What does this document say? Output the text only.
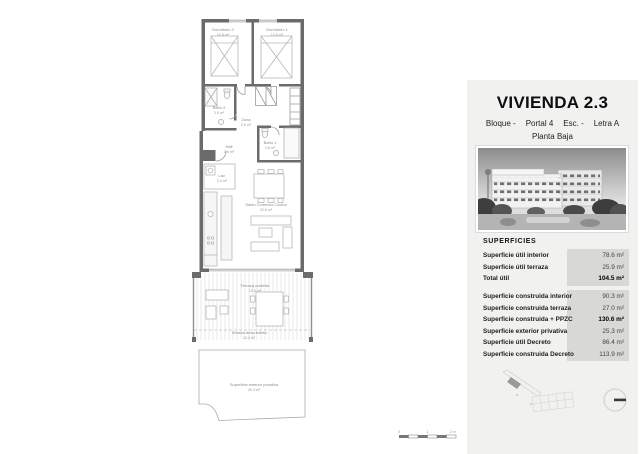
Dormitorio 2
10.8 m²
Dormitorio 1
12.6 m²
Baño 2
3.6 m²
Zona
2.6 m²
Baño 1
3.8 m²
Hall
3.6 m²
Lav.
2.4 m²
Salón Comedor Cocina
32.6 m²
Terraza cubierta
13.5 m²
Terraza descubierta
12.4 m²
Superficie exterior privativa
25.3 m²
0	1	2 m
VIVIENDA 2.3
Bloque - Portal 4 Esc. - Letra A
Planta Baja
SUPERFICIES
Superficie útil interior	78.6 m²
Superficie útil terraza	25.9 m²
Total útil	104.5 m²
Superficie construida interior	90.3 m²
Superficie construida terraza	27.0 m²
Superficie construida + PPZC	130.6 m²
Superficie exterior privativa	25.3 m²
Superficie útil Decreto	86.4 m²
Superficie construida Decreto	113.9 m²
